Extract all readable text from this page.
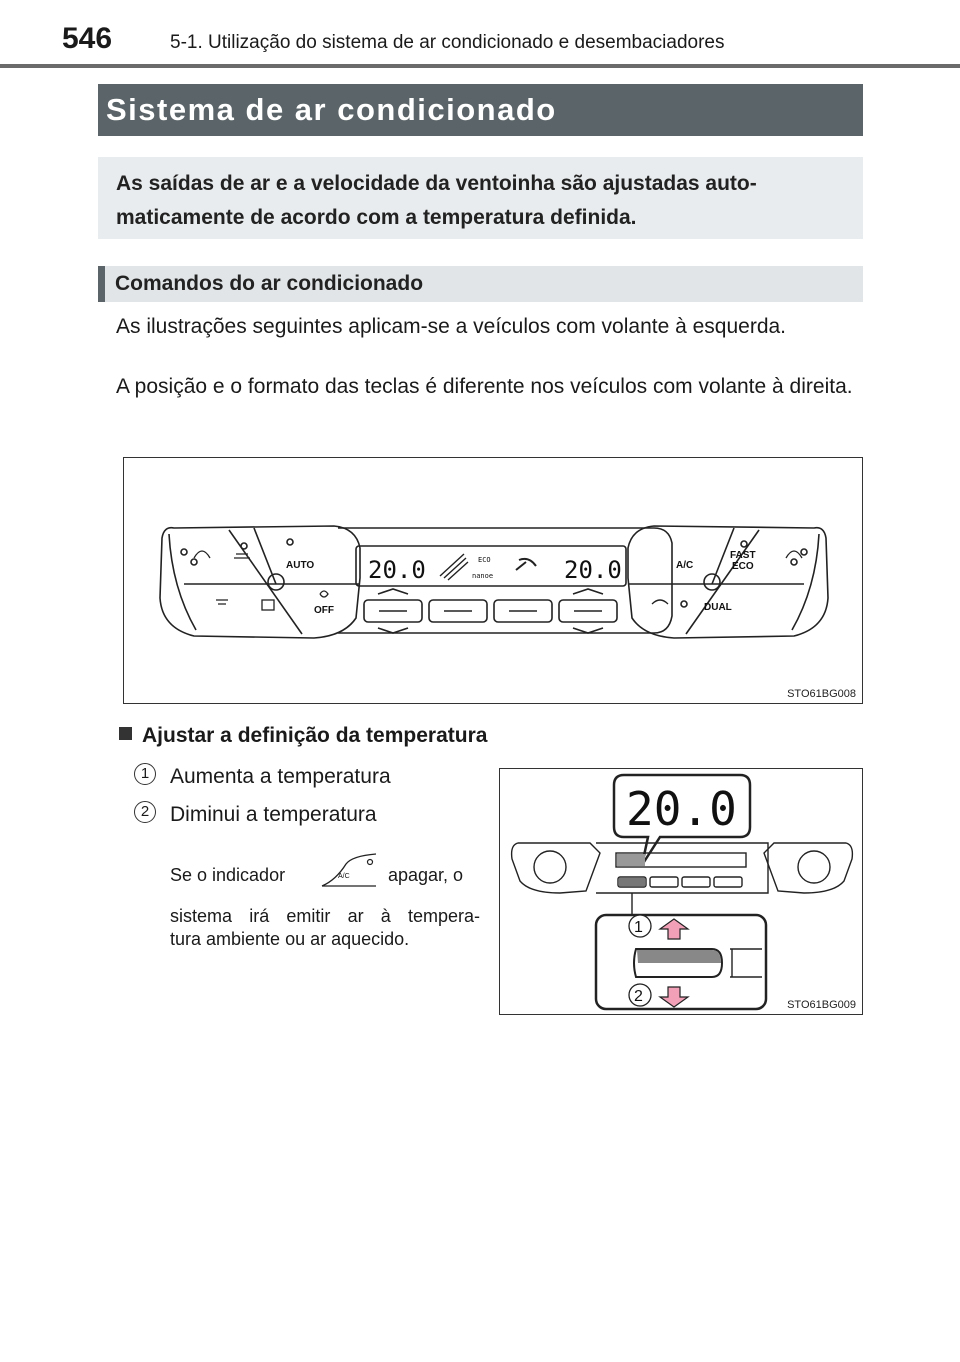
546	5-1. Utilização do sistema de ar condicionado e desembaciadores
Sistema de ar condicionado
As saídas de ar e a velocidade da ventoinha são ajustadas auto-maticamente de acordo com a temperatura definida.
Comandos do ar condicionado

As ilustrações seguintes aplicam-se a veículos com volante à esquerda.

A posição e o formato das teclas é diferente nos veículos com volante à direita.

20.0	20.0
ECO
nanoe
AUTO
OFF
A/C
FAST
ECO
DUAL
STO61BG008
Ajustar a definição da temperatura
1 Aumenta a temperatura
2 Diminui a temperatura
Se o indicador	apagar, o
A/C
sistema irá emitir ar à tempera-
tura ambiente ou ar aquecido.
20.0
1
2	STO61BG009
